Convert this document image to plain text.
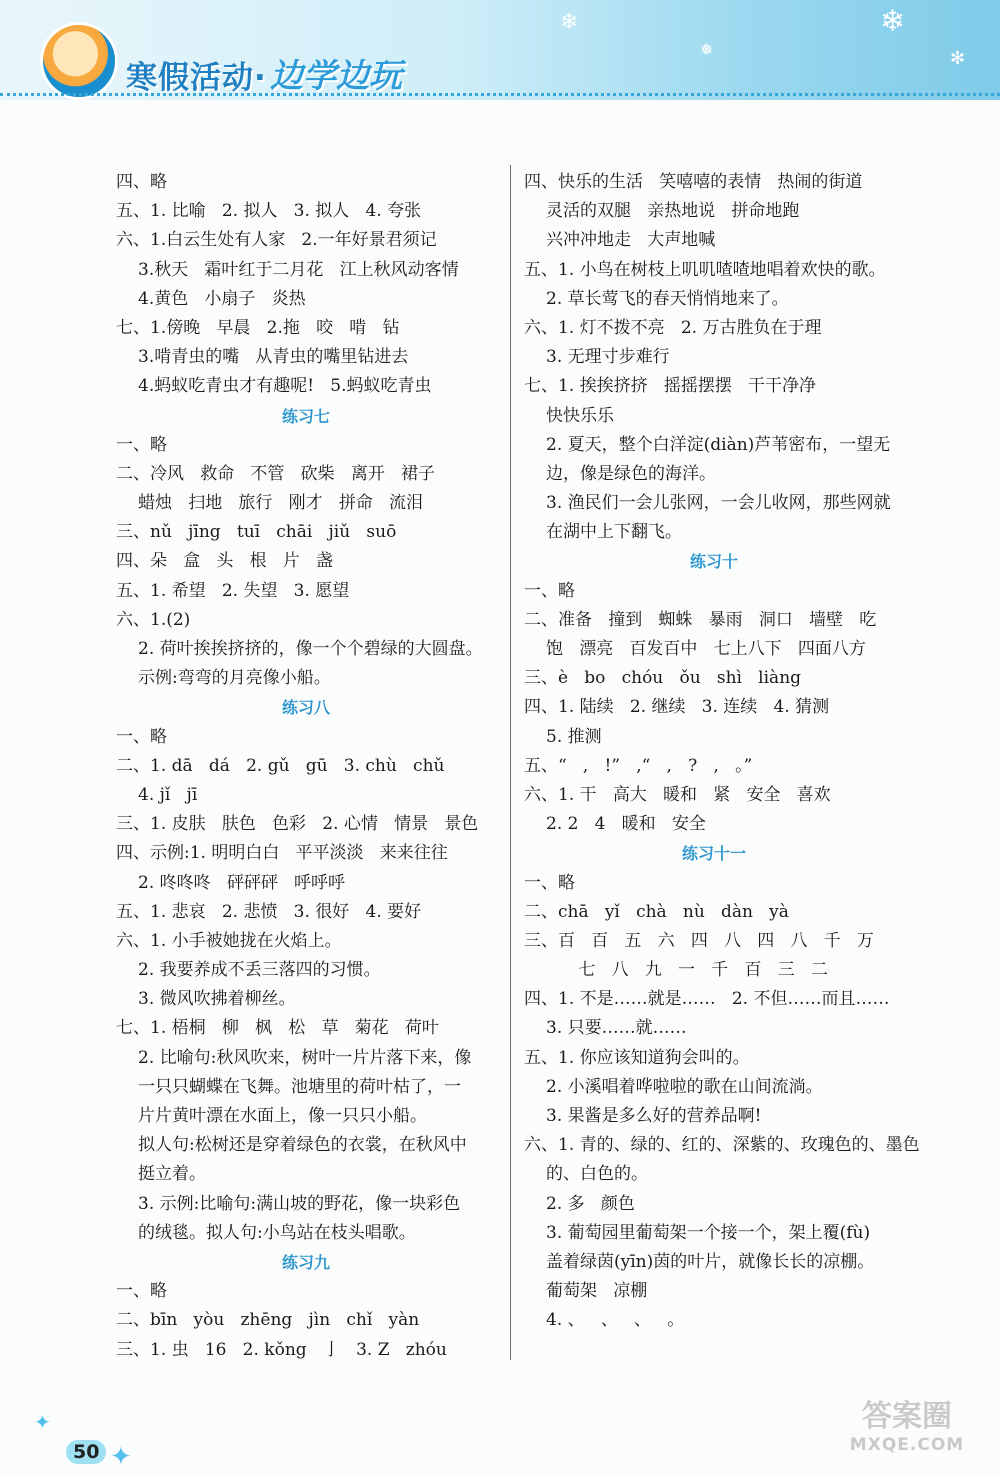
寒假活动· 边学边玩
❄
❅
❄
✻
四、略
五、1. 比喻   2. 拟人   3. 拟人   4. 夸张
六、1.白云生处有人家   2.一年好景君须记
3.秋天   霜叶红于二月花   江上秋风动客情
4.黄色   小扇子   炎热
七、1.傍晚   早晨   2.拖   咬   啃   钻
3.啃青虫的嘴   从青虫的嘴里钻进去
4.蚂蚁吃青虫才有趣呢!   5.蚂蚁吃青虫
练习七
一、略
二、冷风   救命   不管   砍柴   离开   裙子
蜡烛   扫地   旅行   刚才   拼命   流泪
三、nǔ   jīng   tuī   chāi   jiǔ   suō
四、朵   盒   头   根   片   盏
五、1. 希望   2. 失望   3. 愿望
六、1.(2)
2. 荷叶挨挨挤挤的，像一个个碧绿的大圆盘。
示例:弯弯的月亮像小船。
练习八
一、略
二、1. dā   dá   2. gǔ   gū   3. chù   chǔ
4. jǐ   jī
三、1. 皮肤   肤色   色彩   2. 心情   情景   景色
四、示例:1. 明明白白   平平淡淡   来来往往
2. 咚咚咚   砰砰砰   呼呼呼
五、1. 悲哀   2. 悲愤   3. 很好   4. 要好
六、1. 小手被她拢在火焰上。
2. 我要养成不丢三落四的习惯。
3. 微风吹拂着柳丝。
七、1. 梧桐   柳   枫   松   草   菊花   荷叶
2. 比喻句:秋风吹来，树叶一片片落下来，像
一只只蝴蝶在飞舞。池塘里的荷叶枯了，一
片片黄叶漂在水面上，像一只只小船。
拟人句:松树还是穿着绿色的衣裳，在秋风中
挺立着。
3. 示例:比喻句:满山坡的野花，像一块彩色
的绒毯。拟人句:小鸟站在枝头唱歌。
练习九
一、略
二、bīn   yòu   zhēng   jìn   chǐ   yàn
三、1. 虫   16   2. kǒng   亅   3. Z   zhóu
四、快乐的生活   笑嘻嘻的表情   热闹的街道
灵活的双腿   亲热地说   拼命地跑
兴冲冲地走   大声地喊
五、1. 小鸟在树枝上叽叽喳喳地唱着欢快的歌。
2. 草长莺飞的春天悄悄地来了。
六、1. 灯不拨不亮   2. 万古胜负在于理
3. 无理寸步难行
七、1. 挨挨挤挤   摇摇摆摆   干干净净
快快乐乐
2. 夏天，整个白洋淀(diàn)芦苇密布，一望无
边，像是绿色的海洋。
3. 渔民们一会儿张网，一会儿收网，那些网就
在湖中上下翻飞。
练习十
一、略
二、准备   撞到   蜘蛛   暴雨   洞口   墙壁   吃
饱   漂亮   百发百中   七上八下   四面八方
三、è   bo   chóu   ǒu   shì   liàng
四、1. 陆续   2. 继续   3. 连续   4. 猜测
5. 推测
五、“   ,   !”   ,“   ,   ?   ,   。”
六、1. 干   高大   暖和   紧   安全   喜欢
2. 2   4   暖和   安全
练习十一
一、略
二、chā   yǐ   chà   nù   dàn   yà
三、百   百   五   六   四   八   四   八   千   万
七   八   九   一   千   百   三   二
四、1. 不是……就是……   2. 不但……而且……
3. 只要……就……
五、1. 你应该知道狗会叫的。
2. 小溪唱着哗啦啦的歌在山间流淌。
3. 果酱是多么好的营养品啊!
六、1. 青的、绿的、红的、深紫的、玫瑰色的、墨色
的、白色的。
2. 多   颜色
3. 葡萄园里葡萄架一个接一个，架上覆(fù)
盖着绿茵(yīn)茵的叶片，就像长长的凉棚。
葡萄架   凉棚
4. 、   、   、   。
✦
✦
50
答案圈
MXQE.COM
